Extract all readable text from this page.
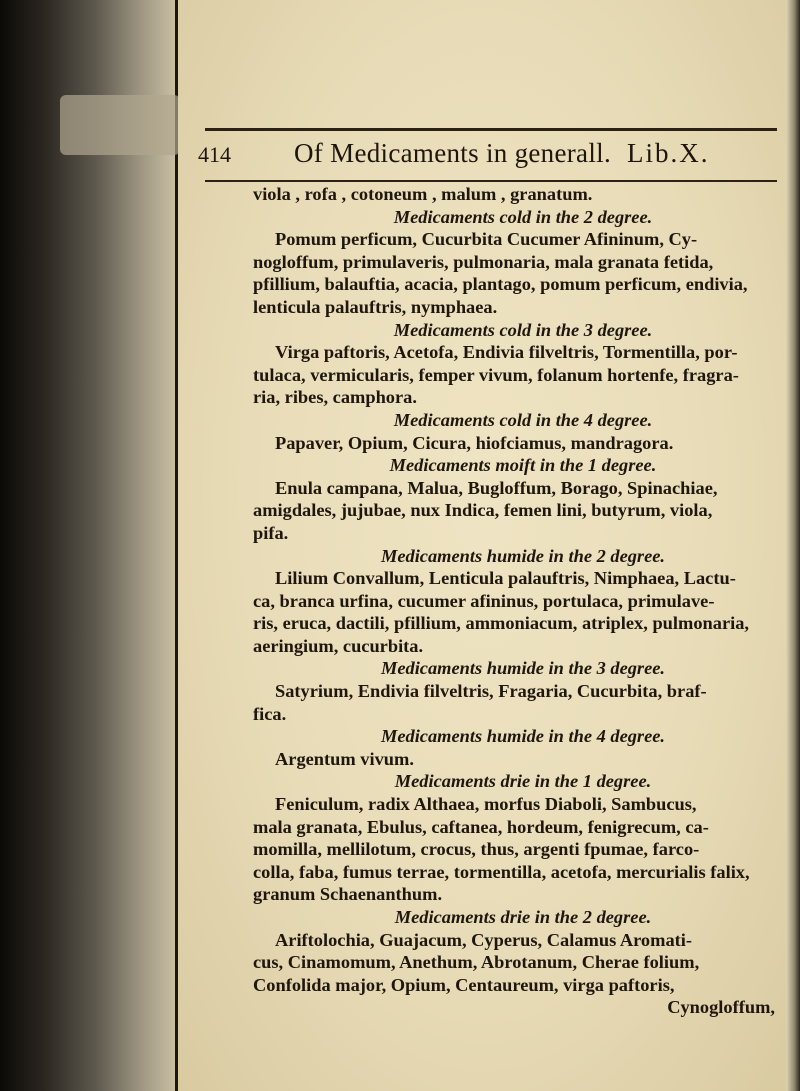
414	Of Medicaments in generall. Lib.X.
viola , rofa , cotoneum , malum , granatum.
Medicaments cold in the 2 degree.
Pomum perficum, Cucurbita Cucumer Afininum, Cy-
nogloffum, primulaveris, pulmonaria, mala granata fetida,
pfillium, balauftia, acacia, plantago, pomum perficum, endivia,
lenticula palauftris, nymphaea.
Medicaments cold in the 3 degree.
Virga paftoris, Acetofa, Endivia filveltris, Tormentilla, por-
tulaca, vermicularis, femper vivum, folanum hortenfe, fragra-
ria, ribes, camphora.
Medicaments cold in the 4 degree.
Papaver, Opium, Cicura, hiofciamus, mandragora.
Medicaments moift in the 1 degree.
Enula campana, Malua, Bugloffum, Borago, Spinachiae,
amigdales, jujubae, nux Indica, femen lini, butyrum, viola,
pifa.
Medicaments humide in the 2 degree.
Lilium Convallum, Lenticula palauftris, Nimphaea, Lactu-
ca, branca urfina, cucumer afininus, portulaca, primulave-
ris, eruca, dactili, pfillium, ammoniacum, atriplex, pulmonaria,
aeringium, cucurbita.
Medicaments humide in the 3 degree.
Satyrium, Endivia filveltris, Fragaria, Cucurbita, braf-
fica.
Medicaments humide in the 4 degree.
Argentum vivum.
Medicaments drie in the 1 degree.
Feniculum, radix Althaea, morfus Diaboli, Sambucus,
mala granata, Ebulus, caftanea, hordeum, fenigrecum, ca-
momilla, mellilotum, crocus, thus, argenti fpumae, farco-
colla, faba, fumus terrae, tormentilla, acetofa, mercurialis falix,
granum Schaenanthum.
Medicaments drie in the 2 degree.
Ariftolochia, Guajacum, Cyperus, Calamus Aromati-
cus, Cinamomum, Anethum, Abrotanum, Cherae folium,
Confolida major, Opium, Centaureum, virga paftoris,
Cynogloffum,
